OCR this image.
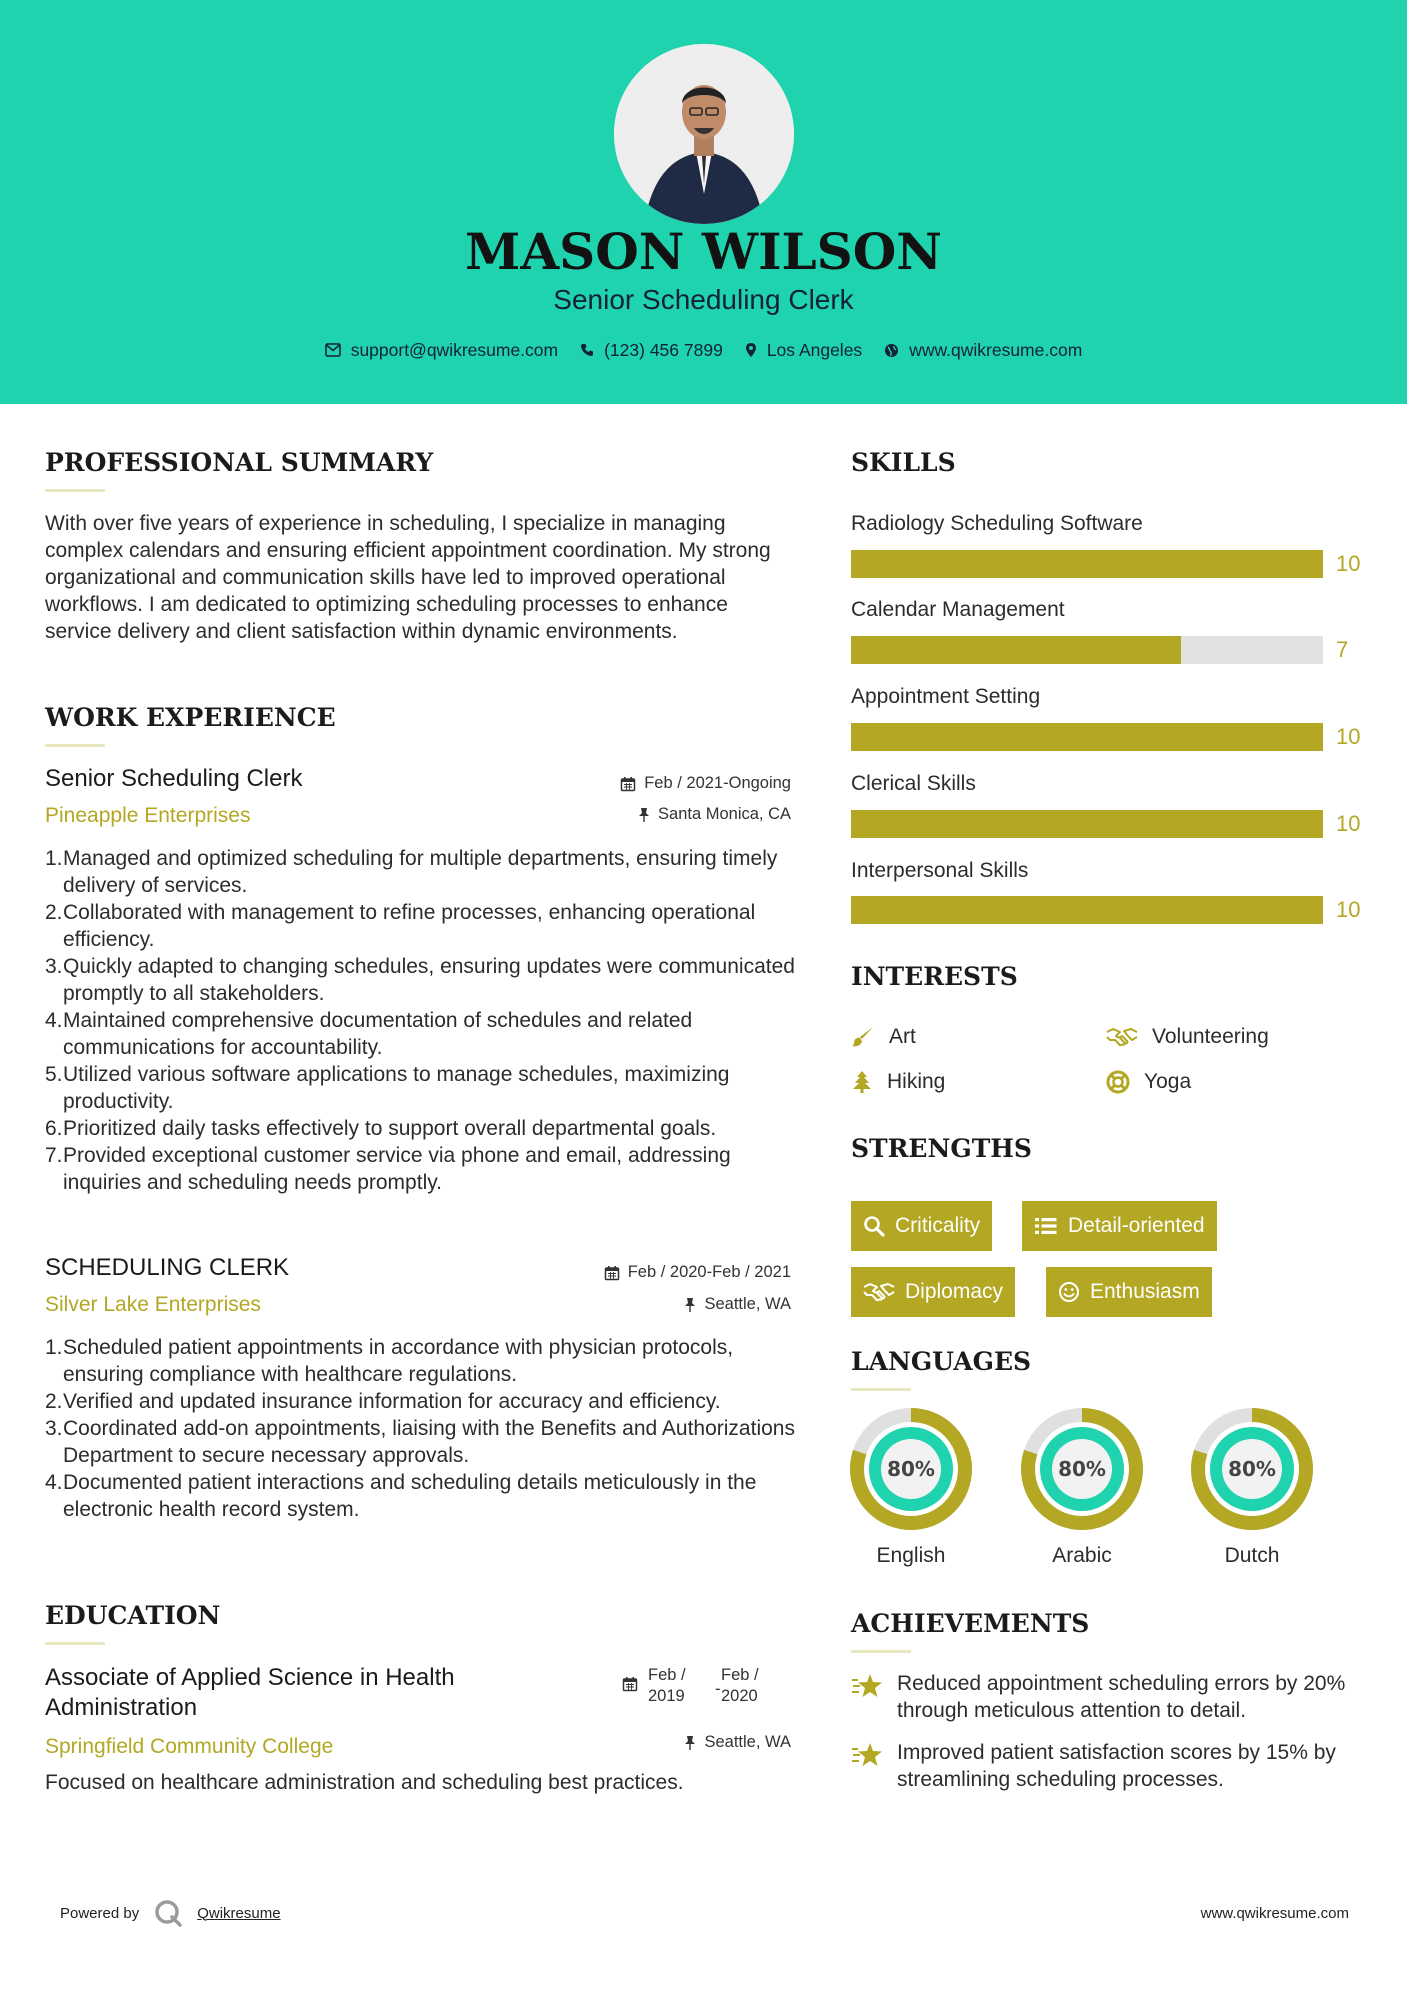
MASON WILSON
Senior Scheduling Clerk
support@qwikresume.com	(123) 456 7899	Los Angeles	www.qwikresume.com
PROFESSIONAL SUMMARY
With over five years of experience in scheduling, I specialize in managing complex calendars and ensuring efficient appointment coordination. My strong organizational and communication skills have led to improved operational workflows. I am dedicated to optimizing scheduling processes to enhance service delivery and client satisfaction within dynamic environments.
WORK EXPERIENCE
Senior Scheduling Clerk
Pineapple Enterprises
Feb / 2021-Ongoing
Santa Monica, CA
1. Managed and optimized scheduling for multiple departments, ensuring timely delivery of services.
2. Collaborated with management to refine processes, enhancing operational efficiency.
3. Quickly adapted to changing schedules, ensuring updates were communicated promptly to all stakeholders.
4. Maintained comprehensive documentation of schedules and related communications for accountability.
5. Utilized various software applications to manage schedules, maximizing productivity.
6. Prioritized daily tasks effectively to support overall departmental goals.
7. Provided exceptional customer service via phone and email, addressing inquiries and scheduling needs promptly.
SCHEDULING CLERK
Silver Lake Enterprises
Feb / 2020-Feb / 2021
Seattle, WA
1. Scheduled patient appointments in accordance with physician protocols, ensuring compliance with healthcare regulations.
2. Verified and updated insurance information for accuracy and efficiency.
3. Coordinated add-on appointments, liaising with the Benefits and Authorizations Department to secure necessary approvals.
4. Documented patient interactions and scheduling details meticulously in the electronic health record system.
EDUCATION
Associate of Applied Science in Health
Administration
Springfield Community College
Feb /
2019 -
Feb /
2020
Seattle, WA
Focused on healthcare administration and scheduling best practices.
SKILLS
Radiology Scheduling Software
10
Calendar Management
7
Appointment Setting
10
Clerical Skills
10
Interpersonal Skills
10
INTERESTS
Art	Volunteering
Hiking	Yoga
STRENGTHS
Criticality	Detail-oriented
Diplomacy	Enthusiasm
LANGUAGES
80%
English
80%
Arabic
80%
Dutch
ACHIEVEMENTS
Reduced appointment scheduling errors by 20% through meticulous attention to detail.
Improved patient satisfaction scores by 15% by streamlining scheduling processes.
Powered by	Qwikresume	www.qwikresume.com
